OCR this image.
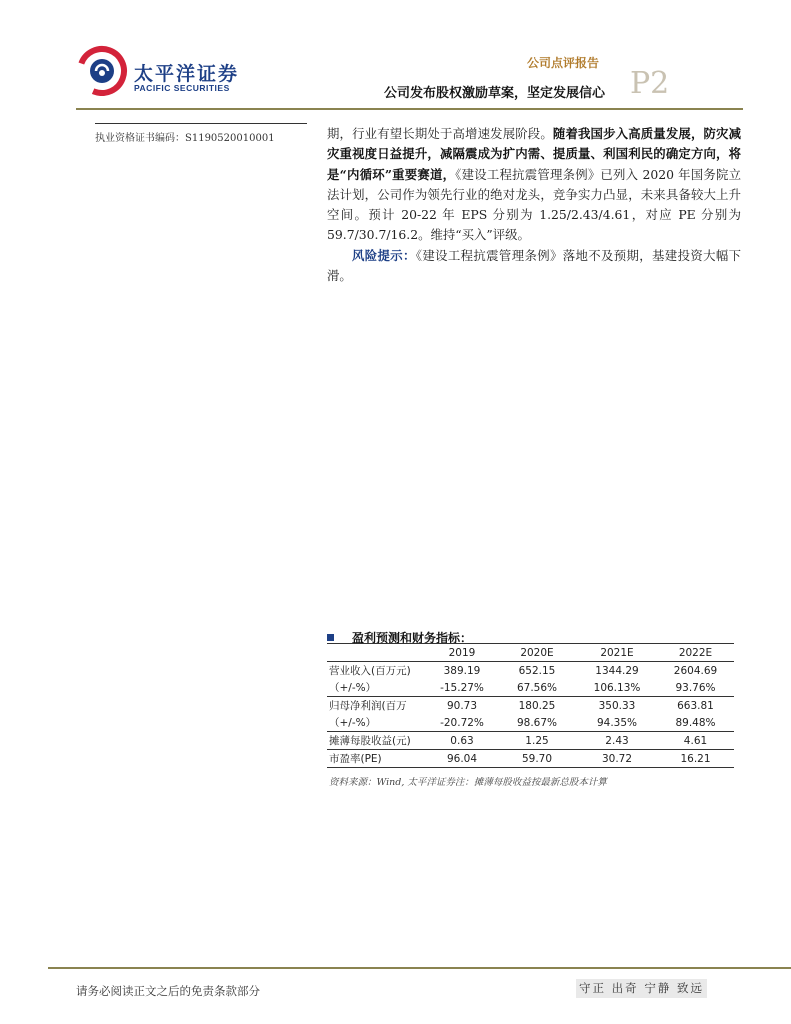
太平洋证券
PACIFIC SECURITIES
公司点评报告
公司发布股权激励草案，坚定发展信心 P2
执业资格证书编码：S1190520010001	期，行业有望长期处于高增速发展阶段。随着我国步入高质量发展，防灾减灾重视度日益提升，减隔震成为扩内需、提质量、利国利民的确定方向，将是“内循环”重要赛道，《建设工程抗震管理条例》已列入 2020 年国务院立法计划，公司作为领先行业的绝对龙头，竞争实力凸显，未来具备较大上升空间。预计 20-22 年 EPS 分别为 1.25/2.43/4.61，对应 PE 分别为 59.7/30.7/16.2。维持“买入”评级。

风险提示：《建设工程抗震管理条例》落地不及预期，基建投资大幅下滑。

盈利预测和财务指标：
	2019	2020E	2021E	2022E
营业收入(百万元)	389.19	652.15	1344.29	2604.69
（+/-%）	-15.27%	67.56%	106.13%	93.76%
归母净利润(百万	90.73	180.25	350.33	663.81
（+/-%）	-20.72%	98.67%	94.35%	89.48%
摊薄每股收益(元)	0.63	1.25	2.43	4.61
市盈率(PE)	96.04	59.70	30.72	16.21
资料来源：Wind, 太平洋证券注：摊薄每股收益按最新总股本计算
请务必阅读正文之后的免责条款部分	守正 出奇 宁静 致远
